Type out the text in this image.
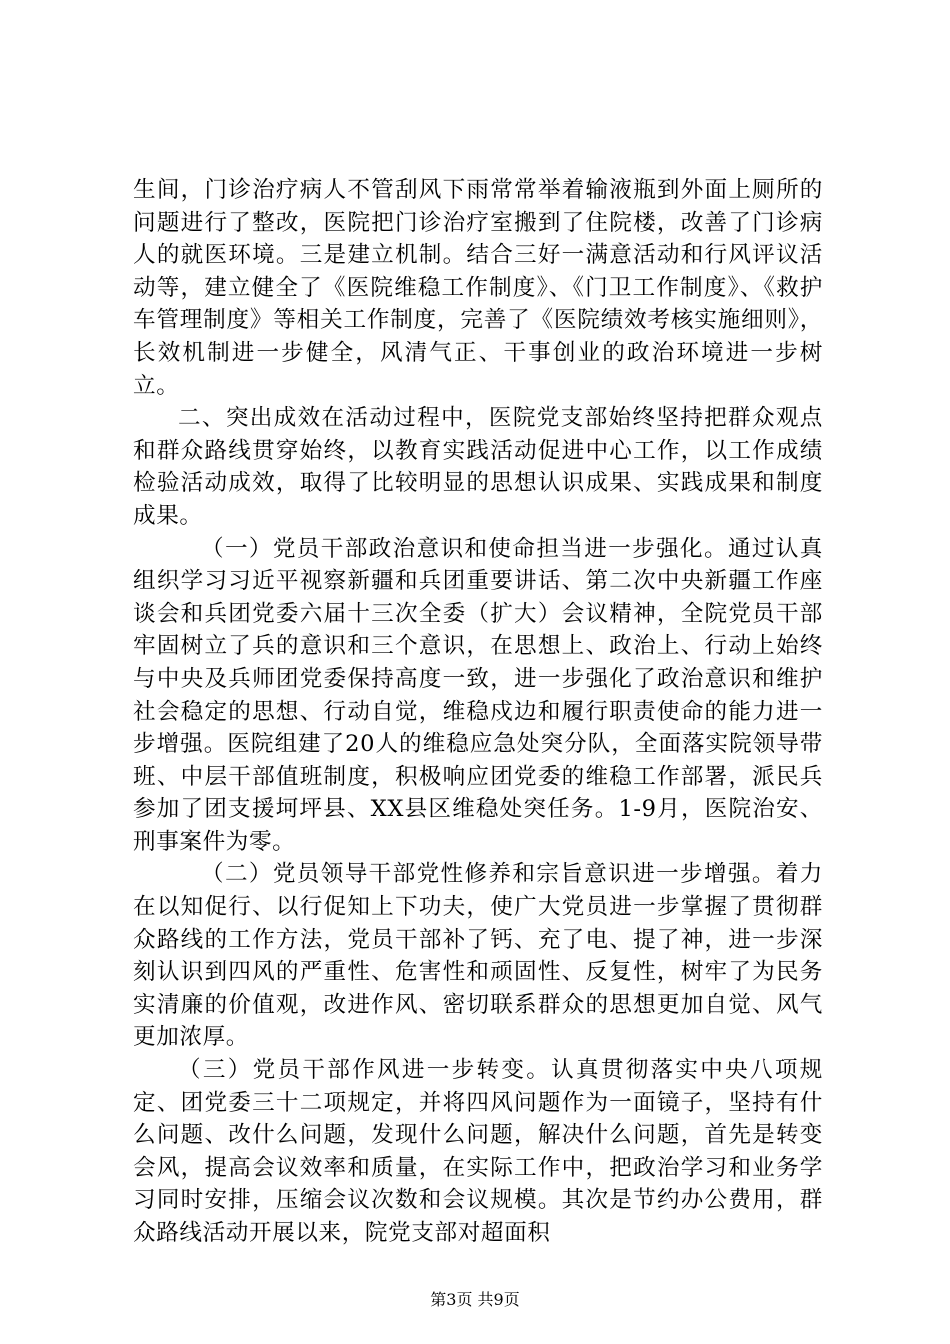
生间，门诊治疗病人不管刮风下雨常常举着输液瓶到外面上厕所的问题进行了整改，医院把门诊治疗室搬到了住院楼，改善了门诊病人的就医环境。三是建立机制。结合三好一满意活动和行风评议活动等，建立健全了《医院维稳工作制度》、《门卫工作制度》、《救护车管理制度》等相关工作制度，完善了《医院绩效考核实施细则》，长效机制进一步健全，风清气正、干事创业的政治环境进一步树立。

二、突出成效在活动过程中，医院党支部始终坚持把群众观点和群众路线贯穿始终，以教育实践活动促进中心工作，以工作成绩检验活动成效，取得了比较明显的思想认识成果、实践成果和制度成果。

（一）党员干部政治意识和使命担当进一步强化。通过认真组织学习习近平视察新疆和兵团重要讲话、第二次中央新疆工作座谈会和兵团党委六届十三次全委（扩大）会议精神，全院党员干部牢固树立了兵的意识和三个意识，在思想上、政治上、行动上始终与中央及兵师团党委保持高度一致，进一步强化了政治意识和维护社会稳定的思想、行动自觉，维稳戍边和履行职责使命的能力进一步增强。医院组建了20人的维稳应急处突分队，全面落实院领导带班、中层干部值班制度，积极响应团党委的维稳工作部署，派民兵参加了团支援坷坪县、XX县区维稳处突任务。1-9月，医院治安、刑事案件为零。

（二）党员领导干部党性修养和宗旨意识进一步增强。着力在以知促行、以行促知上下功夫，使广大党员进一步掌握了贯彻群众路线的工作方法，党员干部补了钙、充了电、提了神，进一步深刻认识到四风的严重性、危害性和顽固性、反复性，树牢了为民务实清廉的价值观，改进作风、密切联系群众的思想更加自觉、风气更加浓厚。

（三）党员干部作风进一步转变。认真贯彻落实中央八项规定、团党委三十二项规定，并将四风问题作为一面镜子，坚持有什么问题、改什么问题，发现什么问题，解决什么问题，首先是转变会风，提高会议效率和质量，在实际工作中，把政治学习和业务学习同时安排，压缩会议次数和会议规模。其次是节约办公费用，群众路线活动开展以来，院党支部对超面积

第3页 共9页
